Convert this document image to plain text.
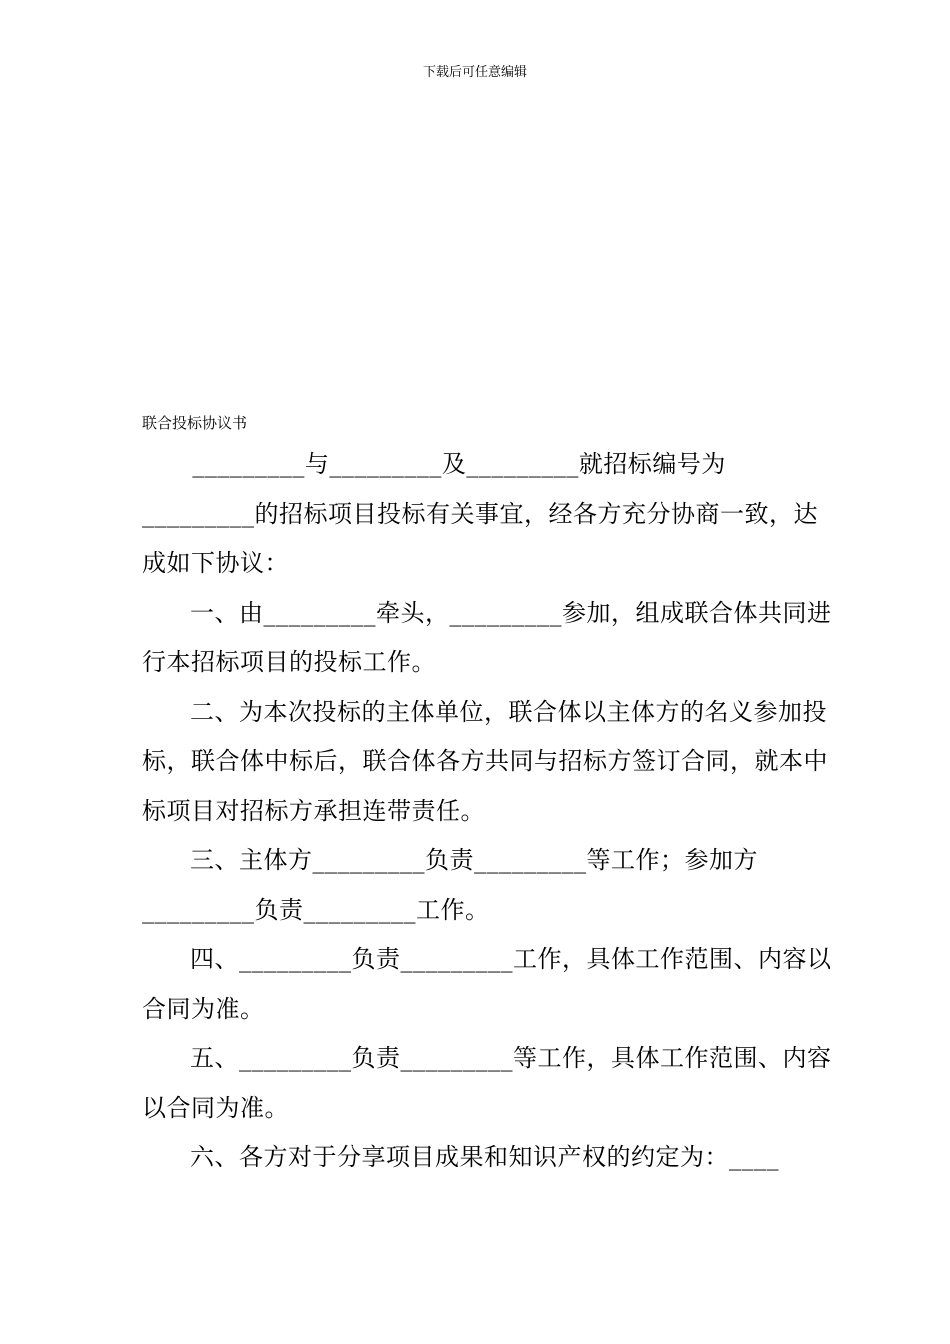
下载后可任意编辑
联合投标协议书

_________与_________及_________就招标编号为_________的招标项目投标有关事宜，经各方充分协商一致，达成如下协议：

一、由_________牵头，_________参加，组成联合体共同进行本招标项目的投标工作。

二、为本次投标的主体单位，联合体以主体方的名义参加投标，联合体中标后，联合体各方共同与招标方签订合同，就本中标项目对招标方承担连带责任。

三、主体方_________负责_________等工作；参加方_________负责_________工作。

四、_________负责_________工作，具体工作范围、内容以合同为准。

五、_________负责_________等工作，具体工作范围、内容以合同为准。

六、各方对于分享项目成果和知识产权的约定为：____
